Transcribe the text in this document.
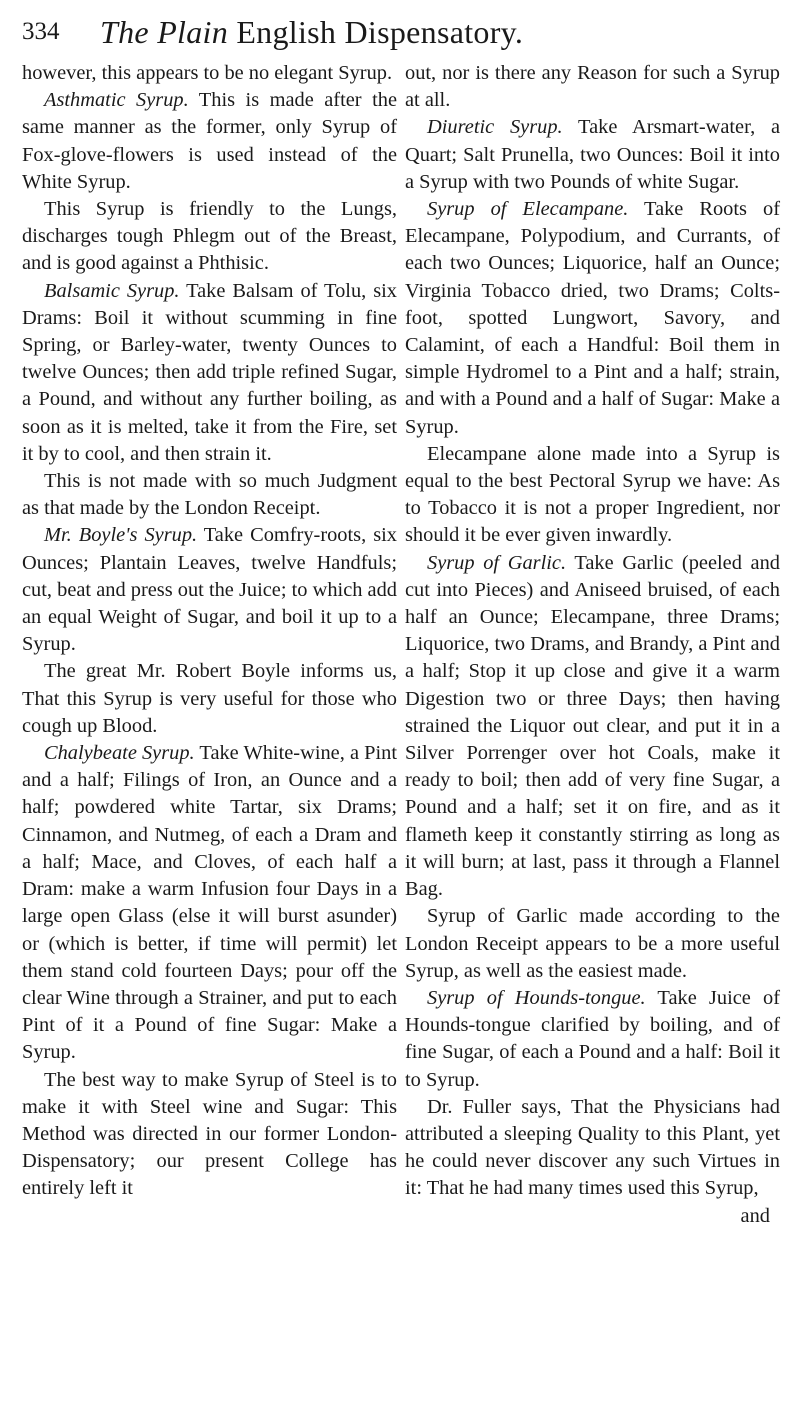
334 The Plain English Dispensatory.

however, this appears to be no elegant Syrup.

Asthmatic Syrup. This is made after the same manner as the former, only Syrup of Fox-glove-flowers is used instead of the White Syrup.

This Syrup is friendly to the Lungs, discharges tough Phlegm out of the Breast, and is good against a Phthisic.

Balsamic Syrup. Take Balsam of Tolu, six Drams: Boil it without scumming in fine Spring, or Barley-water, twenty Ounces to twelve Ounces; then add triple refined Sugar, a Pound, and without any further boiling, as soon as it is melted, take it from the Fire, set it by to cool, and then strain it.

This is not made with so much Judgment as that made by the London Receipt.

Mr. Boyle's Syrup. Take Comfry-roots, six Ounces; Plantain Leaves, twelve Handfuls; cut, beat and press out the Juice; to which add an equal Weight of Sugar, and boil it up to a Syrup.

The great Mr. Robert Boyle informs us, That this Syrup is very useful for those who cough up Blood.

Chalybeate Syrup. Take White-wine, a Pint and a half; Filings of Iron, an Ounce and a half; powdered white Tartar, six Drams; Cinnamon, and Nutmeg, of each a Dram and a half; Mace, and Cloves, of each half a Dram: make a warm Infusion four Days in a large open Glass (else it will burst asunder) or (which is better, if time will permit) let them stand cold fourteen Days; pour off the clear Wine through a Strainer, and put to each Pint of it a Pound of fine Sugar: Make a Syrup.

The best way to make Syrup of Steel is to make it with Steel wine and Sugar: This Method was directed in our former London-Dispensatory; our present College has entirely left it

out, nor is there any Reason for such a Syrup at all.

Diuretic Syrup. Take Arsmart-water, a Quart; Salt Prunella, two Ounces: Boil it into a Syrup with two Pounds of white Sugar.

Syrup of Elecampane. Take Roots of Elecampane, Polypodium, and Currants, of each two Ounces; Liquorice, half an Ounce; Virginia Tobacco dried, two Drams; Colts-foot, spotted Lungwort, Savory, and Calamint, of each a Handful: Boil them in simple Hydromel to a Pint and a half; strain, and with a Pound and a half of Sugar: Make a Syrup.

Elecampane alone made into a Syrup is equal to the best Pectoral Syrup we have: As to Tobacco it is not a proper Ingredient, nor should it be ever given inwardly.

Syrup of Garlic. Take Garlic (peeled and cut into Pieces) and Aniseed bruised, of each half an Ounce; Elecampane, three Drams; Liquorice, two Drams, and Brandy, a Pint and a half; Stop it up close and give it a warm Digestion two or three Days; then having strained the Liquor out clear, and put it in a Silver Porrenger over hot Coals, make it ready to boil; then add of very fine Sugar, a Pound and a half; set it on fire, and as it flameth keep it constantly stirring as long as it will burn; at last, pass it through a Flannel Bag.

Syrup of Garlic made according to the London Receipt appears to be a more useful Syrup, as well as the easiest made.

Syrup of Hounds-tongue. Take Juice of Hounds-tongue clarified by boiling, and of fine Sugar, of each a Pound and a half: Boil it to Syrup.

Dr. Fuller says, That the Physicians had attributed a sleeping Quality to this Plant, yet he could never discover any such Virtues in it: That he had many times used this Syrup,

and
